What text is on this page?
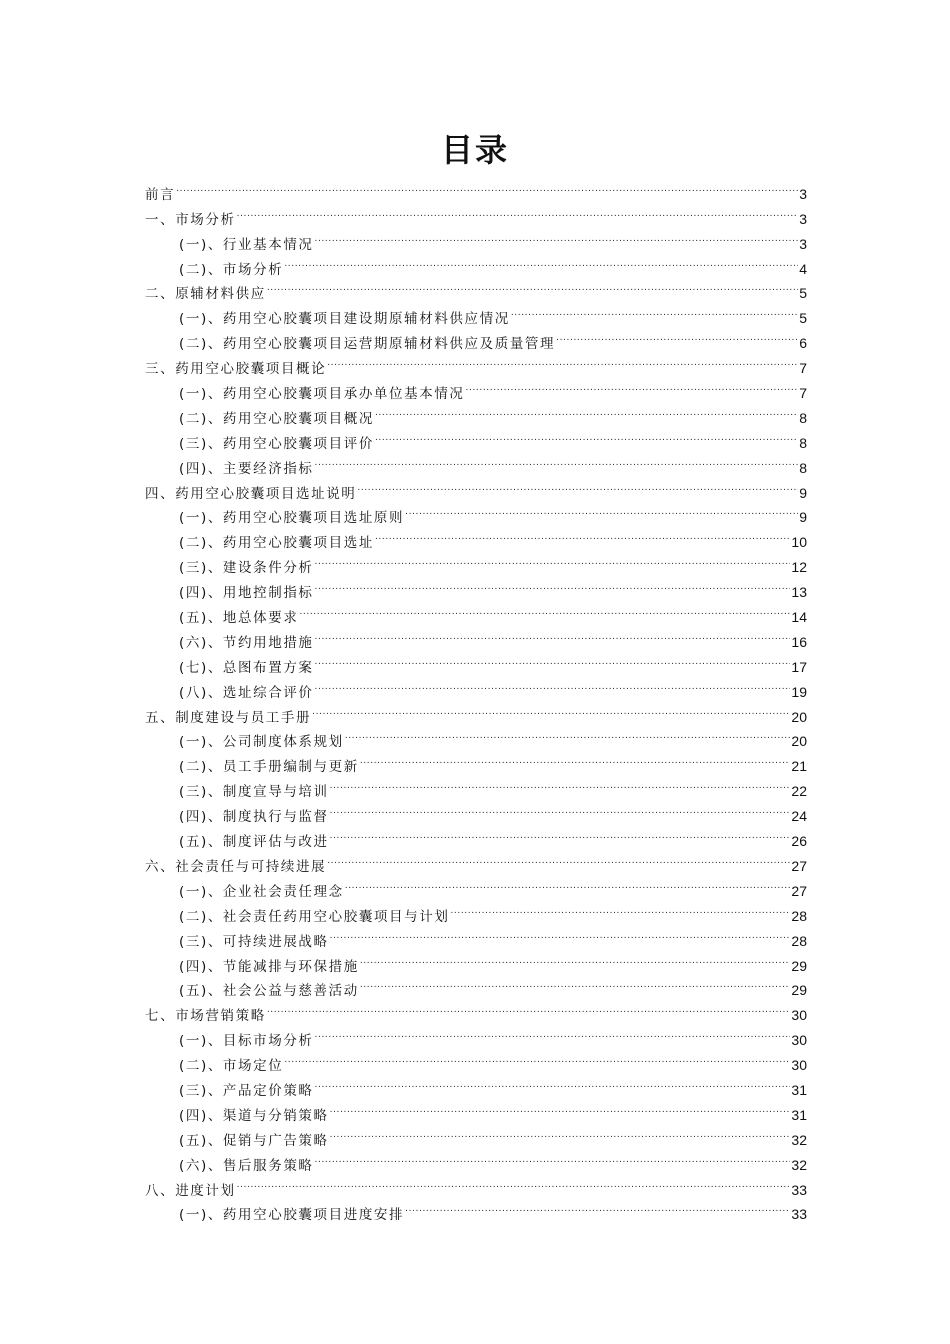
目录
前言 .....	3
一、市场分析 .....	3
(一)、行业基本情况 .....	3
(二)、市场分析 .....	4
二、原辅材料供应 .....	5
(一)、药用空心胶囊项目建设期原辅材料供应情况 .....	5
(二)、药用空心胶囊项目运营期原辅材料供应及质量管理 .....	6
三、药用空心胶囊项目概论 .....	7
(一)、药用空心胶囊项目承办单位基本情况 .....	7
(二)、药用空心胶囊项目概况 .....	8
(三)、药用空心胶囊项目评价 .....	8
(四)、主要经济指标 .....	8
四、药用空心胶囊项目选址说明 .....	9
(一)、药用空心胶囊项目选址原则 .....	9
(二)、药用空心胶囊项目选址 .....	10
(三)、建设条件分析 .....	12
(四)、用地控制指标 .....	13
(五)、地总体要求 .....	14
(六)、节约用地措施 .....	16
(七)、总图布置方案 .....	17
(八)、选址综合评价 .....	19
五、制度建设与员工手册 .....	20
(一)、公司制度体系规划 .....	20
(二)、员工手册编制与更新 .....	21
(三)、制度宣导与培训 .....	22
(四)、制度执行与监督 .....	24
(五)、制度评估与改进 .....	26
六、社会责任与可持续进展 .....	27
(一)、企业社会责任理念 .....	27
(二)、社会责任药用空心胶囊项目与计划 .....	28
(三)、可持续进展战略 .....	28
(四)、节能减排与环保措施 .....	29
(五)、社会公益与慈善活动 .....	29
七、市场营销策略 .....	30
(一)、目标市场分析 .....	30
(二)、市场定位 .....	30
(三)、产品定价策略 .....	31
(四)、渠道与分销策略 .....	31
(五)、促销与广告策略 .....	32
(六)、售后服务策略 .....	32
八、进度计划 .....	33
(一)、药用空心胶囊项目进度安排 .....	33
